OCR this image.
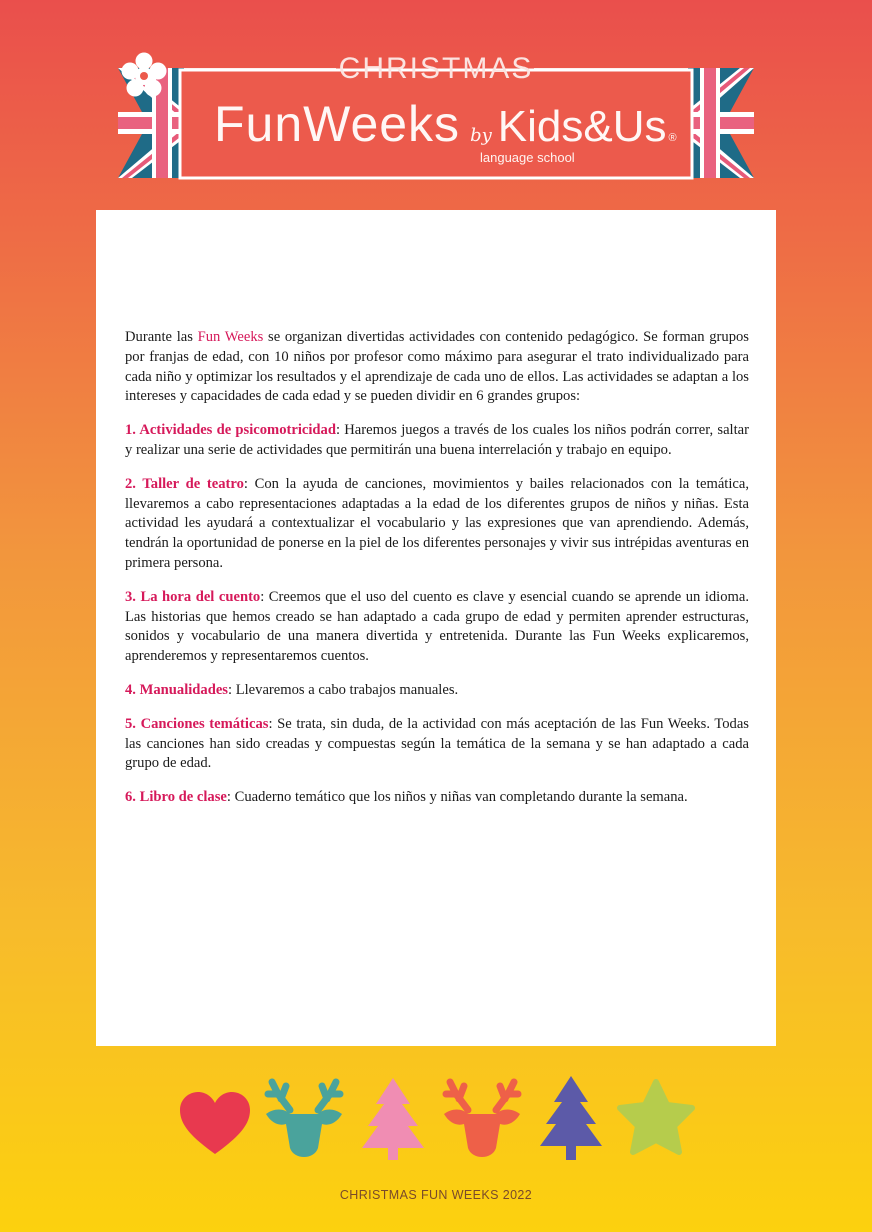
CHRISTMAS
FunWeeks by Kids&Us ®
language school

Durante las Fun Weeks se organizan divertidas actividades con contenido pedagógico. Se forman grupos por franjas de edad, con 10 niños por profesor como máximo para asegurar el trato individualizado para cada niño y optimizar los resultados y el aprendizaje de cada uno de ellos. Las actividades se adaptan a los intereses y capacidades de cada edad y se pueden dividir en 6 grandes grupos:

1. Actividades de psicomotricidad: Haremos juegos a través de los cuales los niños podrán correr, saltar y realizar una serie de actividades que permitirán una buena interrelación y trabajo en equipo.

2. Taller de teatro: Con la ayuda de canciones, movimientos y bailes relacionados con la temática, llevaremos a cabo representaciones adaptadas a la edad de los diferentes grupos de niños y niñas. Esta actividad les ayudará a contextualizar el vocabulario y las expresiones que van aprendiendo. Además, tendrán la oportunidad de ponerse en la piel de los diferentes personajes y vivir sus intrépidas aventuras en primera persona.

3. La hora del cuento: Creemos que el uso del cuento es clave y esencial cuando se aprende un idioma. Las historias que hemos creado se han adaptado a cada grupo de edad y permiten aprender estructuras, sonidos y vocabulario de una manera divertida y entretenida. Durante las Fun Weeks explicaremos, aprenderemos y representaremos cuentos.

4. Manualidades: Llevaremos a cabo trabajos manuales.

5. Canciones temáticas: Se trata, sin duda, de la actividad con más aceptación de las Fun Weeks. Todas las canciones han sido creadas y compuestas según la temática de la semana y se han adaptado a cada grupo de edad.

6. Libro de clase: Cuaderno temático que los niños y niñas van completando durante la semana.

CHRISTMAS FUN WEEKS 2022
